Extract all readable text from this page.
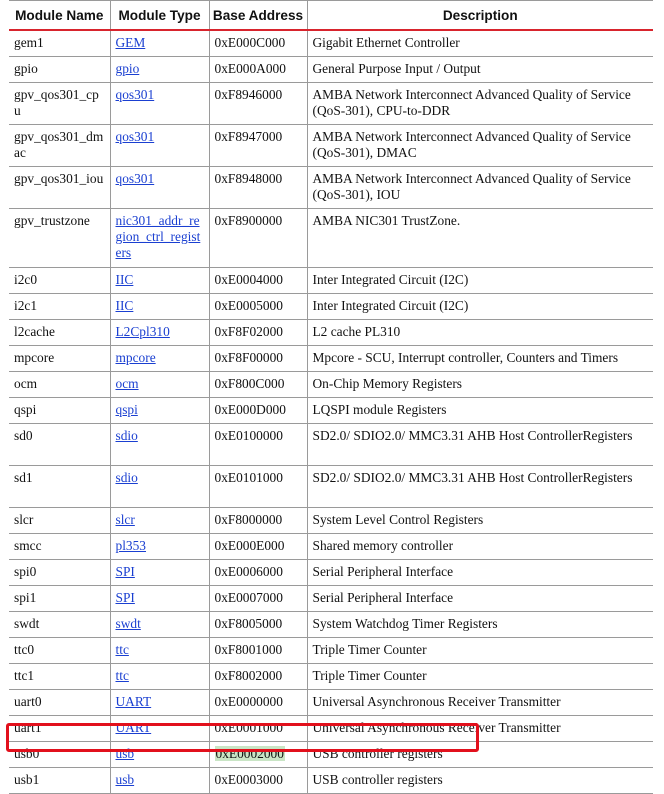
Module Name	Module Type	Base Address	Description
gem1	GEM	0xE000C000	Gigabit Ethernet Controller
gpio	gpio	0xE000A000	General Purpose Input / Output
gpv_qos301_cpu	qos301	0xF8946000	AMBA Network Interconnect Advanced Quality of Service (QoS-301), CPU-to-DDR
gpv_qos301_dmac	qos301	0xF8947000	AMBA Network Interconnect Advanced Quality of Service (QoS-301), DMAC
gpv_qos301_iou	qos301	0xF8948000	AMBA Network Interconnect Advanced Quality of Service (QoS-301), IOU
gpv_trustzone	nic301_addr_region_ctrl_registers	0xF8900000	AMBA NIC301 TrustZone.
i2c0	IIC	0xE0004000	Inter Integrated Circuit (I2C)
i2c1	IIC	0xE0005000	Inter Integrated Circuit (I2C)
l2cache	L2Cpl310	0xF8F02000	L2 cache PL310
mpcore	mpcore	0xF8F00000	Mpcore - SCU, Interrupt controller, Counters and Timers
ocm	ocm	0xF800C000	On-Chip Memory Registers
qspi	qspi	0xE000D000	LQSPI module Registers
sd0	sdio	0xE0100000	SD2.0/ SDIO2.0/ MMC3.31 AHB Host ControllerRegisters
sd1	sdio	0xE0101000	SD2.0/ SDIO2.0/ MMC3.31 AHB Host ControllerRegisters
slcr	slcr	0xF8000000	System Level Control Registers
smcc	pl353	0xE000E000	Shared memory controller
spi0	SPI	0xE0006000	Serial Peripheral Interface
spi1	SPI	0xE0007000	Serial Peripheral Interface
swdt	swdt	0xF8005000	System Watchdog Timer Registers
ttc0	ttc	0xF8001000	Triple Timer Counter
ttc1	ttc	0xF8002000	Triple Timer Counter
uart0	UART	0xE0000000	Universal Asynchronous Receiver Transmitter
uart1	UART	0xE0001000	Universal Asynchronous Receiver Transmitter
usb0	usb	0xE0002000	USB controller registers
usb1	usb	0xE0003000	USB controller registers
